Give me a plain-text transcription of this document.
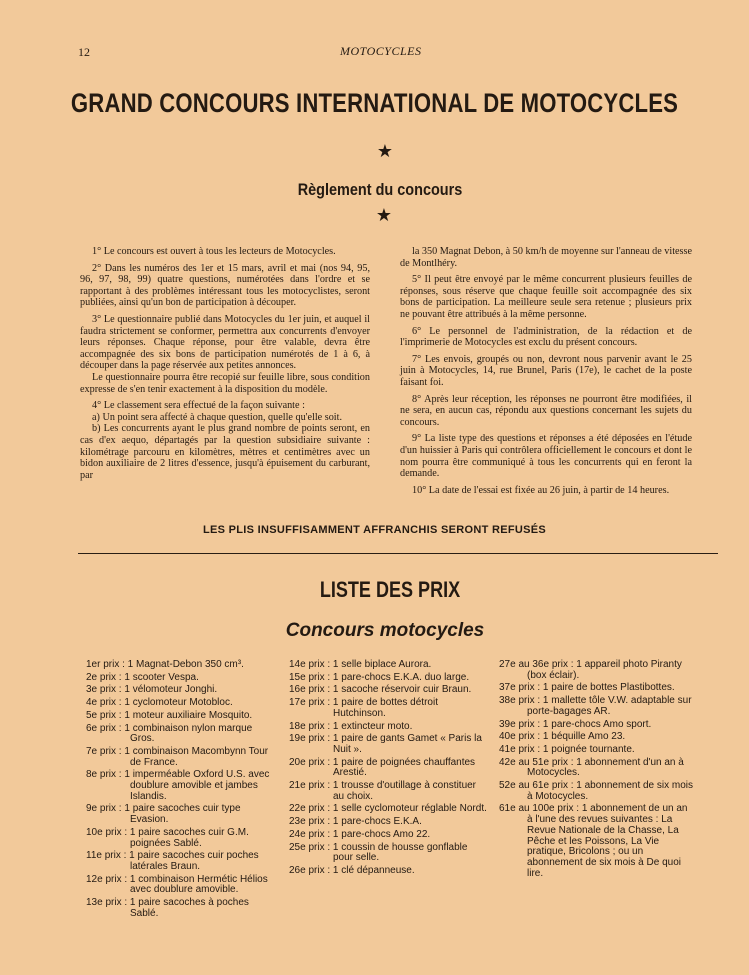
12	MOTOCYCLES
GRAND CONCOURS INTERNATIONAL DE MOTOCYCLES
★
Règlement du concours
★

1° Le concours est ouvert à tous les lecteurs de Motocycles.

2° Dans les numéros des 1er et 15 mars, avril et mai (nos 94, 95, 96, 97, 98, 99) quatre questions, numérotées dans l'ordre et se rapportant à des problèmes intéressant tous les motocyclistes, seront publiées, ainsi qu'un bon de participation à découper.

3° Le questionnaire publié dans Motocycles du 1er juin, et auquel il faudra strictement se conformer, permettra aux concurrents d'envoyer leurs réponses. Chaque réponse, pour être valable, devra être accompagnée des six bons de participation numérotés de 1 à 6, à découper dans la page réservée aux petites annonces.

Le questionnaire pourra être recopié sur feuille libre, sous condition expresse de s'en tenir exactement à la disposition du modèle.

4° Le classement sera effectué de la façon suivante :

a) Un point sera affecté à chaque question, quelle qu'elle soit.

b) Les concurrents ayant le plus grand nombre de points seront, en cas d'ex aequo, départagés par la question subsidiaire suivante : kilométrage parcouru en kilomètres, mètres et centimètres avec un bidon auxiliaire de 2 litres d'essence, jusqu'à épuisement du carburant, par

la 350 Magnat Debon, à 50 km/h de moyenne sur l'anneau de vitesse de Montlhéry.

5° Il peut être envoyé par le même concurrent plusieurs feuilles de réponses, sous réserve que chaque feuille soit accompagnée des six bons de participation. La meilleure seule sera retenue ; plusieurs prix ne pouvant être attribués à la même personne.

6° Le personnel de l'administration, de la rédaction et de l'imprimerie de Motocycles est exclu du présent concours.

7° Les envois, groupés ou non, devront nous parvenir avant le 25 juin à Motocycles, 14, rue Brunel, Paris (17e), le cachet de la poste faisant foi.

8° Après leur réception, les réponses ne pourront être modifiées, il ne sera, en aucun cas, répondu aux questions concernant les sujets du concours.

9° La liste type des questions et réponses a été déposées en l'étude d'un huissier à Paris qui contrôlera officiellement le concours et dont le nom pourra être communiqué à tous les concurrents qui en feront la demande.

10° La date de l'essai est fixée au 26 juin, à partir de 14 heures.

LES PLIS INSUFFISAMMENT AFFRANCHIS SERONT REFUSÉS
LISTE DES PRIX
Concours motocycles
1er prix : 1 Magnat-Debon 350 cm³.
2e prix : 1 scooter Vespa.
3e prix : 1 vélomoteur Jonghi.
4e prix : 1 cyclomoteur Motobloc.
5e prix : 1 moteur auxiliaire Mosquito.
6e prix : 1 combinaison nylon marque Gros.
7e prix : 1 combinaison Macombynn Tour de France.
8e prix : 1 imperméable Oxford U.S. avec doublure amovible et jambes Islandis.
9e prix : 1 paire sacoches cuir type Evasion.
10e prix : 1 paire sacoches cuir G.M. poignées Sablé.
11e prix : 1 paire sacoches cuir poches latérales Braun.
12e prix : 1 combinaison Hermétic Hélios avec doublure amovible.
13e prix : 1 paire sacoches à poches Sablé.
14e prix : 1 selle biplace Aurora.
15e prix : 1 pare-chocs E.K.A. duo large.
16e prix : 1 sacoche réservoir cuir Braun.
17e prix : 1 paire de bottes détroit Hutchinson.
18e prix : 1 extincteur moto.
19e prix : 1 paire de gants Gamet « Paris la Nuit ».
20e prix : 1 paire de poignées chauffantes Arestié.
21e prix : 1 trousse d'outillage à constituer au choix.
22e prix : 1 selle cyclomoteur réglable Nordt.
23e prix : 1 pare-chocs E.K.A.
24e prix : 1 pare-chocs Amo 22.
25e prix : 1 coussin de housse gonflable pour selle.
26e prix : 1 clé dépanneuse.
27e au 36e prix : 1 appareil photo Piranty (box éclair).
37e prix : 1 paire de bottes Plastibottes.
38e prix : 1 mallette tôle V.W. adaptable sur porte-bagages AR.
39e prix : 1 pare-chocs Amo sport.
40e prix : 1 béquille Amo 23.
41e prix : 1 poignée tournante.
42e au 51e prix : 1 abonnement d'un an à Motocycles.
52e au 61e prix : 1 abonnement de six mois à Motocycles.
61e au 100e prix : 1 abonnement de un an à l'une des revues suivantes : La Revue Nationale de la Chasse, La Pêche et les Poissons, La Vie pratique, Bricolons ; ou un abonnement de six mois à De quoi lire.
